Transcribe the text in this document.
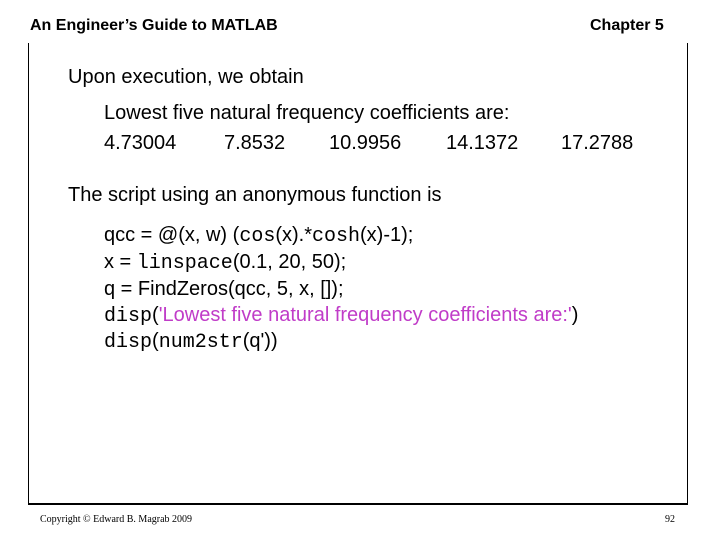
An Engineer’s Guide to MATLAB	Chapter 5
Upon execution, we obtain
Lowest five natural frequency coefficients are:
4.73004 7.8532 10.9956 14.1372 17.2788
The script using an anonymous function is
qcc = @(x, w) (cos(x).*cosh(x)-1);
x = linspace(0.1, 20, 50);
q = FindZeros(qcc, 5, x, []);
disp('Lowest five natural frequency coefficients are:')
disp(num2str(q'))
Copyright © Edward B. Magrab 2009	92
